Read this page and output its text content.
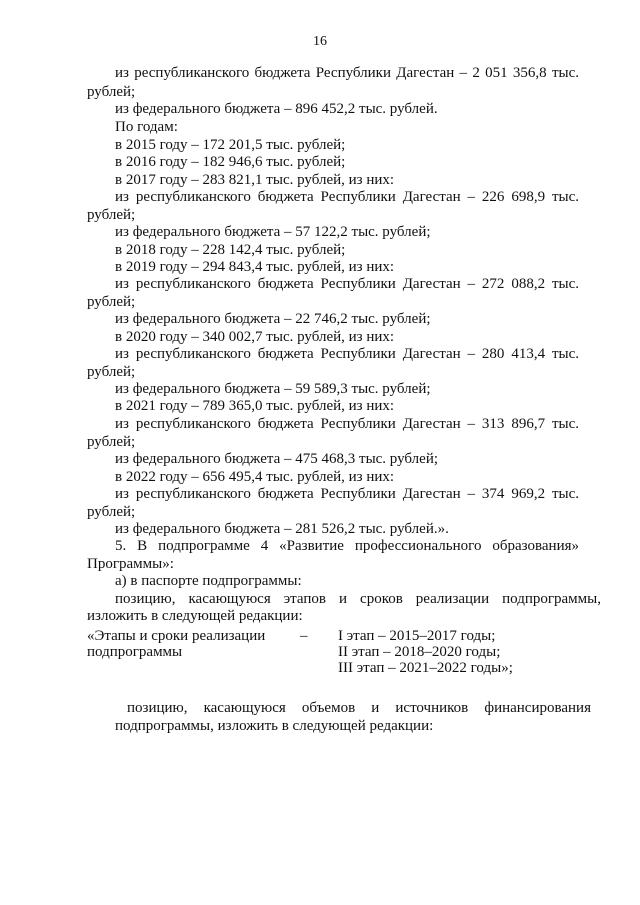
16
из республиканского бюджета Республики Дагестан – 2 051 356,8 тыс.
рублей;
из федерального бюджета – 896 452,2 тыс. рублей.
По годам:
в 2015 году – 172 201,5 тыс. рублей;
в 2016 году – 182 946,6 тыс. рублей;
в 2017 году – 283 821,1 тыс. рублей, из них:
из республиканского бюджета Республики Дагестан – 226 698,9 тыс.
рублей;
из федерального бюджета – 57 122,2 тыс. рублей;
в 2018 году – 228 142,4 тыс. рублей;
в 2019 году – 294 843,4 тыс. рублей, из них:
из республиканского бюджета Республики Дагестан – 272 088,2 тыс.
рублей;
из федерального бюджета – 22 746,2 тыс. рублей;
в 2020 году – 340 002,7 тыс. рублей, из них:
из республиканского бюджета Республики Дагестан – 280 413,4 тыс.
рублей;
из федерального бюджета – 59 589,3 тыс. рублей;
в 2021 году – 789 365,0 тыс. рублей, из них:
из республиканского бюджета Республики Дагестан – 313 896,7 тыс.
рублей;
из федерального бюджета – 475 468,3 тыс. рублей;
в 2022 году – 656 495,4 тыс. рублей, из них:
из республиканского бюджета Республики Дагестан – 374 969,2 тыс.
рублей;
из федерального бюджета – 281 526,2 тыс. рублей.».
5. В подпрограмме 4 «Развитие профессионального образования»
Программы»:
а) в паспорте подпрограммы:
позицию, касающуюся этапов и сроков реализации подпрограммы,
изложить в следующей редакции:
«Этапы и сроки реализации
подпрограммы
– I этап – 2015–2017 годы;
II этап – 2018–2020 годы;
III этап – 2021–2022 годы»;
позицию, касающуюся объемов и источников финансирования
подпрограммы, изложить в следующей редакции:
